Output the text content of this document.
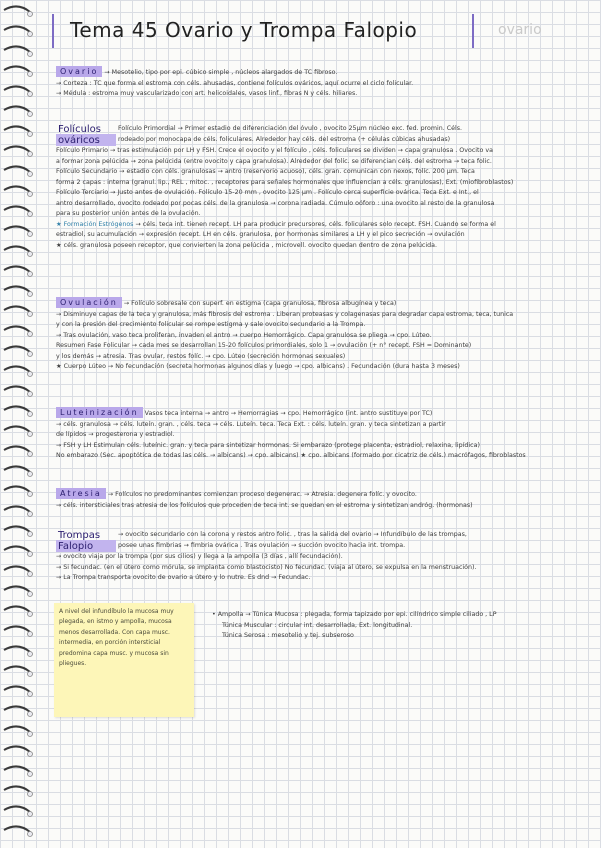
Tema 45 Ovario y Trompa Falopio	ovario
Ovario → Mesotelio, tipo por epi. cúbico simple , núcleos alargados de TC fibroso.
→ Corteza : TC que forma el estroma con céls. ahusadas, contiene folículos ováricos, aquí ocurre el ciclo folicular.
→ Médula : estroma muy vascularizado con art. helicoidales, vasos linf., fibras N y céls. hiliares.
Folículos ováricos
Folículo Primordial → Primer estadio de diferenciación del óvulo , ovocito 25µm núcleo exc. fed. promin. Céls.
rodeado por monocapa de céls. foliculares. Alrededor hay céls. del estroma (+ células cúbicas ahusadas)
Folículo Primario → tras estimulación por LH y FSH. Crece el ovocito y el folículo , céls. foliculares se dividen → capa granulosa . Ovocito va
a formar zona pelúcida → zona pelúcida (entre ovocito y capa granulosa). Alrededor del folíc. se diferencian céls. del estroma → teca folic.
Folículo Secundario → estadio con céls. granulosas → antro (reservorio acuoso), céls. gran. comunican con nexos, folíc. 200 µm. Teca
forma 2 capas : interna (granul. lip., REL , mitoc. , receptores para señales hormonales que influencian a céls. granulosas), Ext. (miofibroblastos)
Folículo Terciario → Justo antes de ovulación. Folículo 15-20 mm , ovocito 125 µm . Folículo cerca superficie ovárica. Teca Ext. e Int., el
antro desarrollado, ovocito rodeado por pocas céls. de la granulosa → corona radiada. Cúmulo oóforo : una ovocito al resto de la granulosa
para su posterior unión antes de la ovulación.
★ Formación Estrógenos → céls. teca int. tienen recept. LH para producir precursores, céls. foliculares solo recept. FSH. Cuando se forma el
estradiol, su acumulación → expresión recept. LH en céls. granulosa, por hormonas similares a LH y el pico secreción → ovulación
★ céls. granulosa poseen receptor, que convierten la zona pelúcida , microvell. ovocito quedan dentro de zona pelúcida.
Ovulación → Folículo sobresale con superf. en estigma (capa granulosa, fibrosa albugínea y teca)
→ Disminuye capas de la teca y granulosa, más fibrosis del estroma . Liberan proteasas y colagenasas para degradar capa estroma, teca, tunica
y con la presión del crecimiento folicular se rompe estigma y sale ovocito secundario a la Trompa.
→ Tras ovulación, vaso teca proliferan, invaden el antro → cuerpo Hemorrágico. Capa granulosa se pliega → cpo. Lúteo.
Resumen Fase Folicular → cada mes se desarrollan 15-20 folículos primordiales, solo 1 → ovulación (+ n° recept. FSH = Dominante)
y los demás → atresia. Tras ovular, restos folíc. → cpo. Lúteo (secreción hormonas sexuales)
★ Cuerpo Lúteo → No fecundación (secreta hormonas algunos días y luego → cpo. albicans) . Fecundación (dura hasta 3 meses)
Luteinización Vasos teca interna → antro → Hemorragias → cpo. Hemorrágico (int. antro sustituye por TC)
→ céls. granulosa → céls. luteín. gran. , céls. teca → céls. Luteín. teca. Teca Ext. : céls. luteín. gran. y teca sintetizan a partir
de lípidos → progesterona y estradiol.
→ FSH y LH Estimulan céls. luteínic. gran. y teca para sintetizar hormonas. Si embarazo (protege placenta, estradiol, relaxina, lipídica)
No embarazo (Sec. apoptótica de todas las céls. → albicans) → cpo. albicans) ★ cpo. albicans (formado por cicatriz de céls.) macrófagos, fibroblastos
Atresia → Folículos no predominantes comienzan proceso degenerac. → Atresia. degenera folíc. y ovocito.
→ céls. intersticiales tras atresia de los folículos que proceden de teca int. se quedan en el estroma y sintetizan andróg. (hormonas)
Trompas Falopio
→ ovocito secundario con la corona y restos antro folic. , tras la salida del ovario → Infundíbulo de las trompas,
posee unas fimbrias → fimbria ovárica . Tras ovulación → succión ovocito hacia int. trompa.
→ ovocito viaja por la trompa (por sus cilios) y llega a la ampolla (3 días , allí fecundación).
→ Si fecundac. (en el útero como mórula, se implanta como blastocisto) No fecundac. (viaja al útero, se expulsa en la menstruación).
→ La Trompa transporta ovocito de ovario a útero y lo nutre. Es dnd → Fecundac.
A nivel del infundíbulo la mucosa muy plegada, en istmo y ampolla, mucosa menos desarrollada. Con capa musc. intermedia, en porción intersticial predomina capa musc. y mucosa sin pliegues.
• Ampolla → Túnica Mucosa : plegada, forma tapizado por epi. cilíndrico simple ciliado , LP
Túnica Muscular : circular int. desarrollada, Ext. longitudinal.
Túnica Serosa : mesotelio y tej. subseroso
